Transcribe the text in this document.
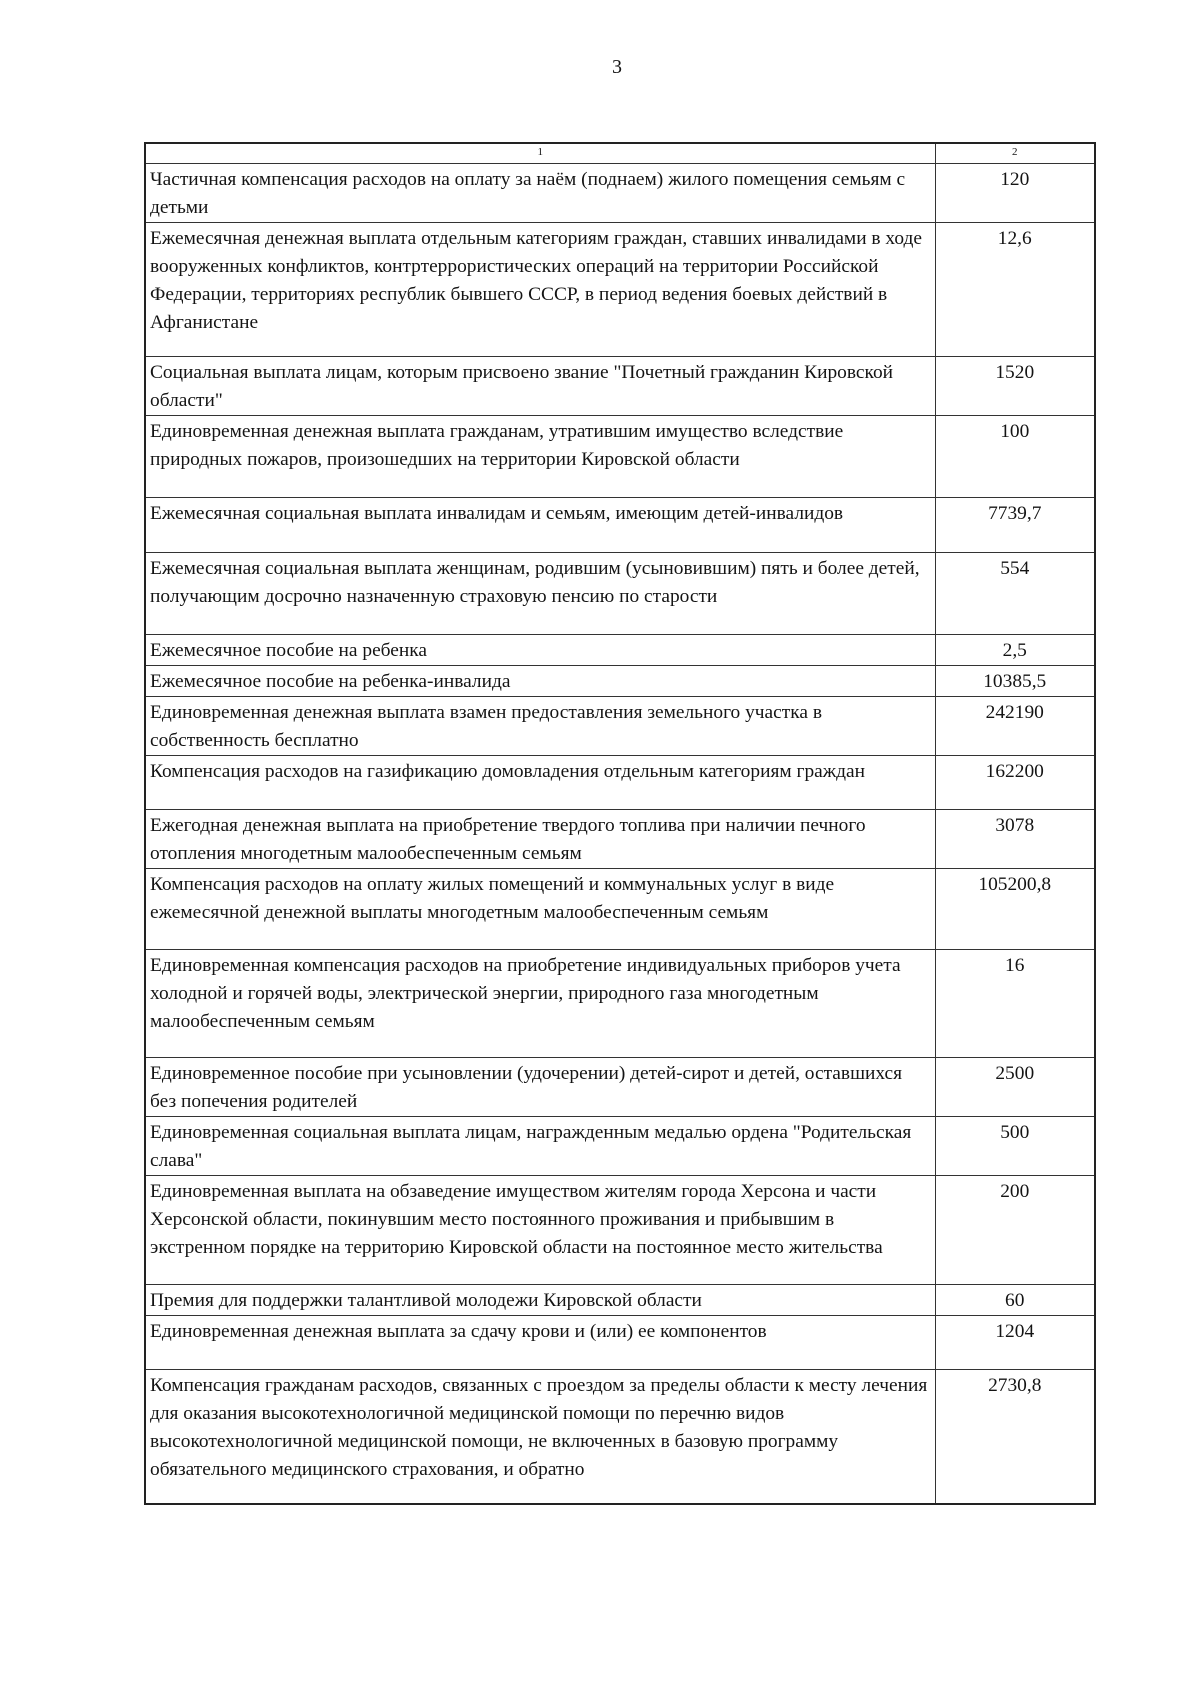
3
1	2
Частичная компенсация расходов на оплату за наём (поднаем) жилого помещения семьям с детьми	120
Ежемесячная денежная выплата отдельным категориям граждан, ставших инвалидами в ходе вооруженных конфликтов, контртеррористических операций на территории Российской Федерации, территориях республик бывшего СССР, в период ведения боевых действий в Афганистане	12,6
Социальная выплата лицам, которым присвоено звание "Почетный гражданин Кировской области"	1520
Единовременная денежная выплата гражданам, утратившим имущество вследствие природных пожаров, произошедших на территории Кировской области	100
Ежемесячная социальная выплата инвалидам и семьям, имеющим детей-инвалидов	7739,7
Ежемесячная социальная выплата женщинам, родившим (усыновившим) пять и более детей, получающим досрочно назначенную страховую пенсию по старости	554
Ежемесячное пособие на ребенка	2,5
Ежемесячное пособие на ребенка-инвалида	10385,5
Единовременная денежная выплата взамен предоставления земельного участка в собственность бесплатно	242190
Компенсация расходов на газификацию домовладения отдельным категориям граждан	162200
Ежегодная денежная выплата на приобретение твердого топлива при наличии печного отопления многодетным малообеспеченным семьям	3078
Компенсация расходов на оплату жилых помещений и коммунальных услуг в виде ежемесячной денежной выплаты многодетным малообеспеченным семьям	105200,8
Единовременная компенсация расходов на приобретение индивидуальных приборов учета холодной и горячей воды, электрической энергии, природного газа многодетным малообеспеченным семьям	16
Единовременное пособие при усыновлении (удочерении) детей-сирот и детей, оставшихся без попечения родителей	2500
Единовременная социальная выплата лицам, награжденным медалью ордена "Родительская слава"	500
Единовременная выплата на обзаведение имуществом жителям города Херсона и части Херсонской области, покинувшим место постоянного проживания и прибывшим в экстренном порядке на территорию Кировской области на постоянное место жительства	200
Премия для поддержки талантливой молодежи Кировской области	60
Единовременная денежная выплата за сдачу крови и (или) ее компонентов	1204
Компенсация гражданам расходов, связанных с проездом за пределы области к месту лечения для оказания высокотехнологичной медицинской помощи по перечню видов высокотехнологичной медицинской помощи, не включенных в базовую программу обязательного медицинского страхования, и обратно	2730,8
